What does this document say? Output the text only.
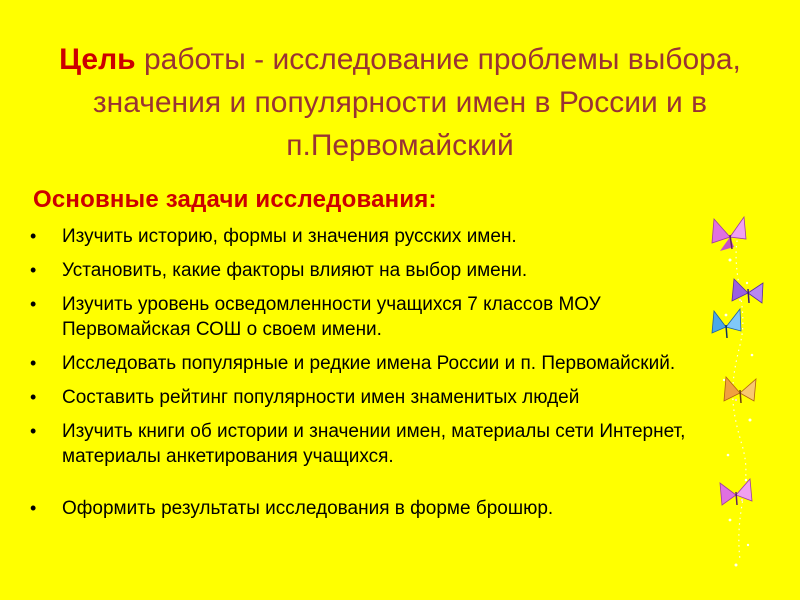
Цель работы - исследование проблемы выбора, значения и популярности имен в России и в п.Первомайский
Основные задачи исследования:
• Изучить историю, формы и значения русских имен.
• Установить, какие факторы влияют на выбор имени.
• Изучить уровень осведомленности учащихся 7 классов МОУ Первомайская СОШ о своем имени.
• Исследовать популярные и редкие имена России и п. Первомайский.
• Составить рейтинг популярности имен знаменитых людей
• Изучить книги об истории и значении имен, материалы сети Интернет, материалы анкетирования учащихся.
• Оформить результаты исследования в форме брошюр.
